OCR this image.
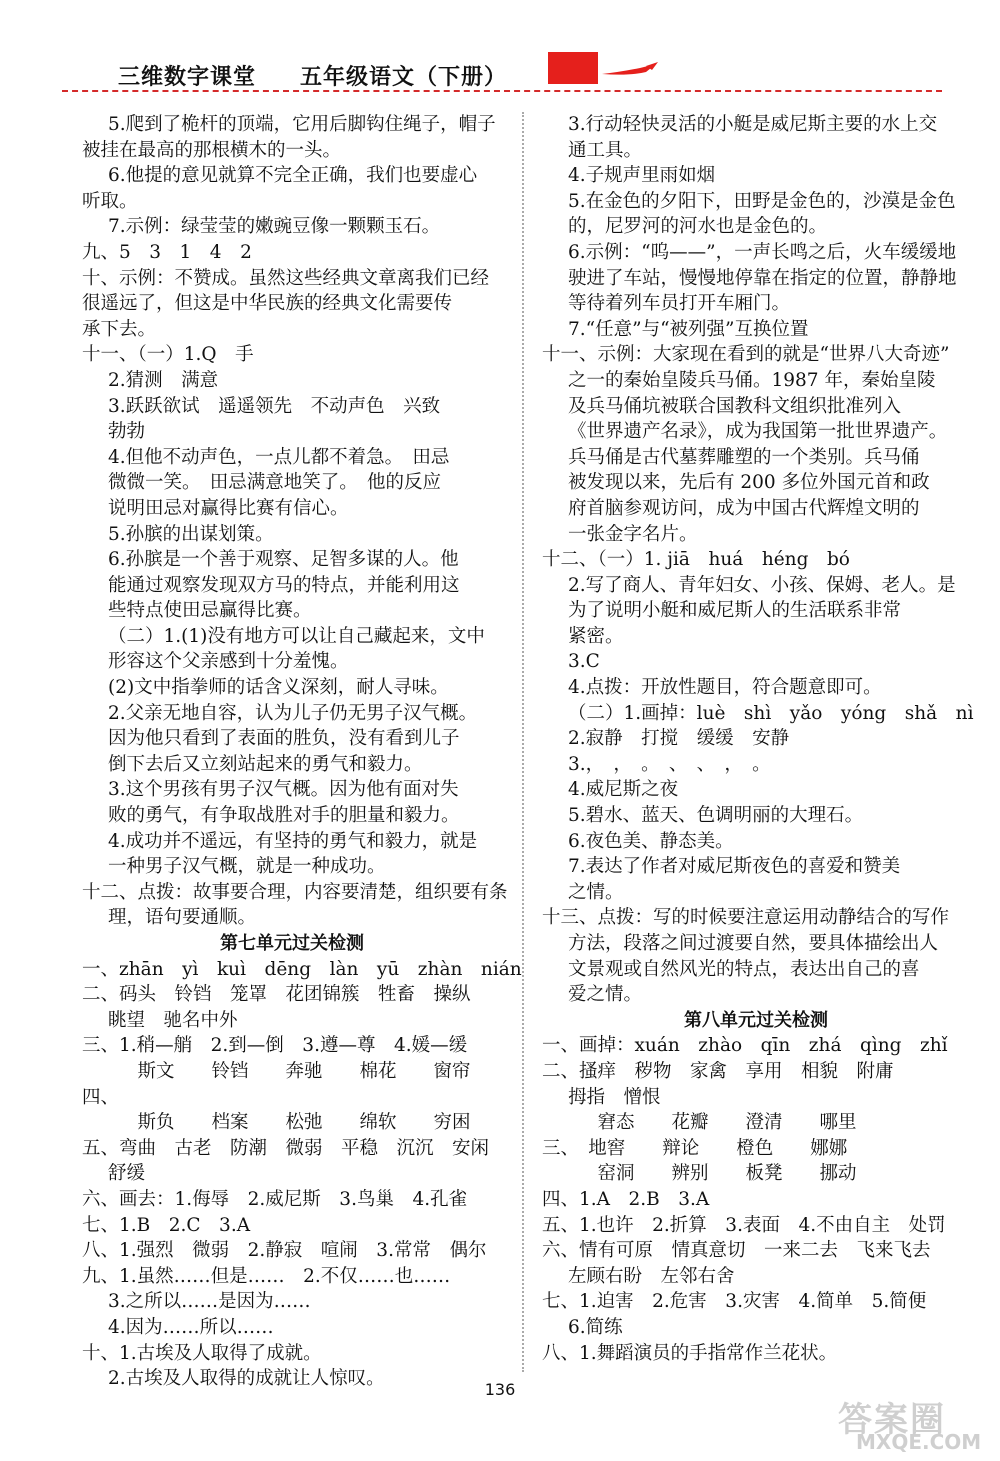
三维数字课堂 五年级语文（下册）
5.爬到了桅杆的顶端，它用后脚钩住绳子，帽子
被挂在最高的那根横木的一头。
6.他提的意见就算不完全正确，我们也要虚心
听取。
7.示例：绿莹莹的嫩豌豆像一颗颗玉石。
九、5　3　1　4　2
十、示例：不赞成。虽然这些经典文章离我们已经
很遥远了，但这是中华民族的经典文化需要传
承下去。
十一、（一）1.Q　手
2.猜测　满意
3.跃跃欲试　遥遥领先　不动声色　兴致
勃勃
4.但他不动声色，一点儿都不着急。　田忌
微微一笑。　田忌满意地笑了。　他的反应
说明田忌对赢得比赛有信心。
5.孙膑的出谋划策。
6.孙膑是一个善于观察、足智多谋的人。他
能通过观察发现双方马的特点，并能利用这
些特点使田忌赢得比赛。
（二）1.(1)没有地方可以让自己藏起来，文中
形容这个父亲感到十分羞愧。
(2)文中指拳师的话含义深刻，耐人寻味。
2.父亲无地自容，认为儿子仍无男子汉气概。
因为他只看到了表面的胜负，没有看到儿子
倒下去后又立刻站起来的勇气和毅力。
3.这个男孩有男子汉气概。因为他有面对失
败的勇气，有争取战胜对手的胆量和毅力。
4.成功并不遥远，有坚持的勇气和毅力，就是
一种男子汉气概，就是一种成功。
十二、点拨：故事要合理，内容要清楚，组织要有条
理，语句要通顺。
第七单元过关检测
一、zhān　yì　kuì　dēng　làn　yū　zhàn　nián
二、码头　铃铛　笼罩　花团锦簇　牲畜　操纵
眺望　驰名中外
三、1.稍—艄　2.到—倒　3.遵—尊　4.媛—缓
　　　斯文　　铃铛　　奔驰　　棉花　　窗帘
四、
　　　斯负　　档案　　松弛　　绵软　　穷困
五、弯曲　古老　防潮　微弱　平稳　沉沉　安闲
舒缓
六、画去：1.侮辱　2.威尼斯　3.鸟巢　4.孔雀
七、1.B　2.C　3.A
八、1.强烈　微弱　2.静寂　喧闹　3.常常　偶尔
九、1.虽然……但是……　2.不仅……也……
3.之所以……是因为……
4.因为……所以……
十、1.古埃及人取得了成就。
2.古埃及人取得的成就让人惊叹。
3.行动轻快灵活的小艇是威尼斯主要的水上交
通工具。
4.子规声里雨如烟
5.在金色的夕阳下，田野是金色的，沙漠是金色
的，尼罗河的河水也是金色的。
6.示例：“呜——”，一声长鸣之后，火车缓缓地
驶进了车站，慢慢地停靠在指定的位置，静静地
等待着列车员打开车厢门。
7.“任意”与“被列强”互换位置
十一、示例：大家现在看到的就是“世界八大奇迹”
之一的秦始皇陵兵马俑。1987 年，秦始皇陵
及兵马俑坑被联合国教科文组织批准列入
《世界遗产名录》，成为我国第一批世界遗产。
兵马俑是古代墓葬雕塑的一个类别。兵马俑
被发现以来，先后有 200 多位外国元首和政
府首脑参观访问，成为中国古代辉煌文明的
一张金字名片。
十二、（一）1. jiā　huá　héng　bó
2.写了商人、青年妇女、小孩、保姆、老人。是
为了说明小艇和威尼斯人的生活联系非常
紧密。
3.C
4.点拨：开放性题目，符合题意即可。
（二）1.画掉：luè　shì　yǎo　yóng　shǎ　nì
2.寂静　打搅　缓缓　安静
3.，　，　。　、　、　，　。
4.威尼斯之夜
5.碧水、蓝天、色调明丽的大理石。
6.夜色美、静态美。
7.表达了作者对威尼斯夜色的喜爱和赞美
之情。
十三、点拨：写的时候要注意运用动静结合的写作
方法，段落之间过渡要自然，要具体描绘出人
文景观或自然风光的特点，表达出自己的喜
爱之情。
第八单元过关检测
一、画掉：xuán　zhào　qīn　zhá　qìng　zhǐ
二、搔痒　秽物　家禽　享用　相貌　附庸
拇指　憎恨
　　　窘态　　花瓣　　澄清　　哪里
三、　地窖　　辩论　　橙色　　娜娜
　　　窑洞　　辨别　　板凳　　挪动
四、1.A　2.B　3.A
五、1.也许　2.折算　3.表面　4.不由自主　处罚
六、情有可原　情真意切　一来二去　飞来飞去
左顾右盼　左邻右舍
七、1.迫害　2.危害　3.灾害　4.简单　5.简便
6.简练
八、1.舞蹈演员的手指常作兰花状。
136
答案圈
MXQE.COM
